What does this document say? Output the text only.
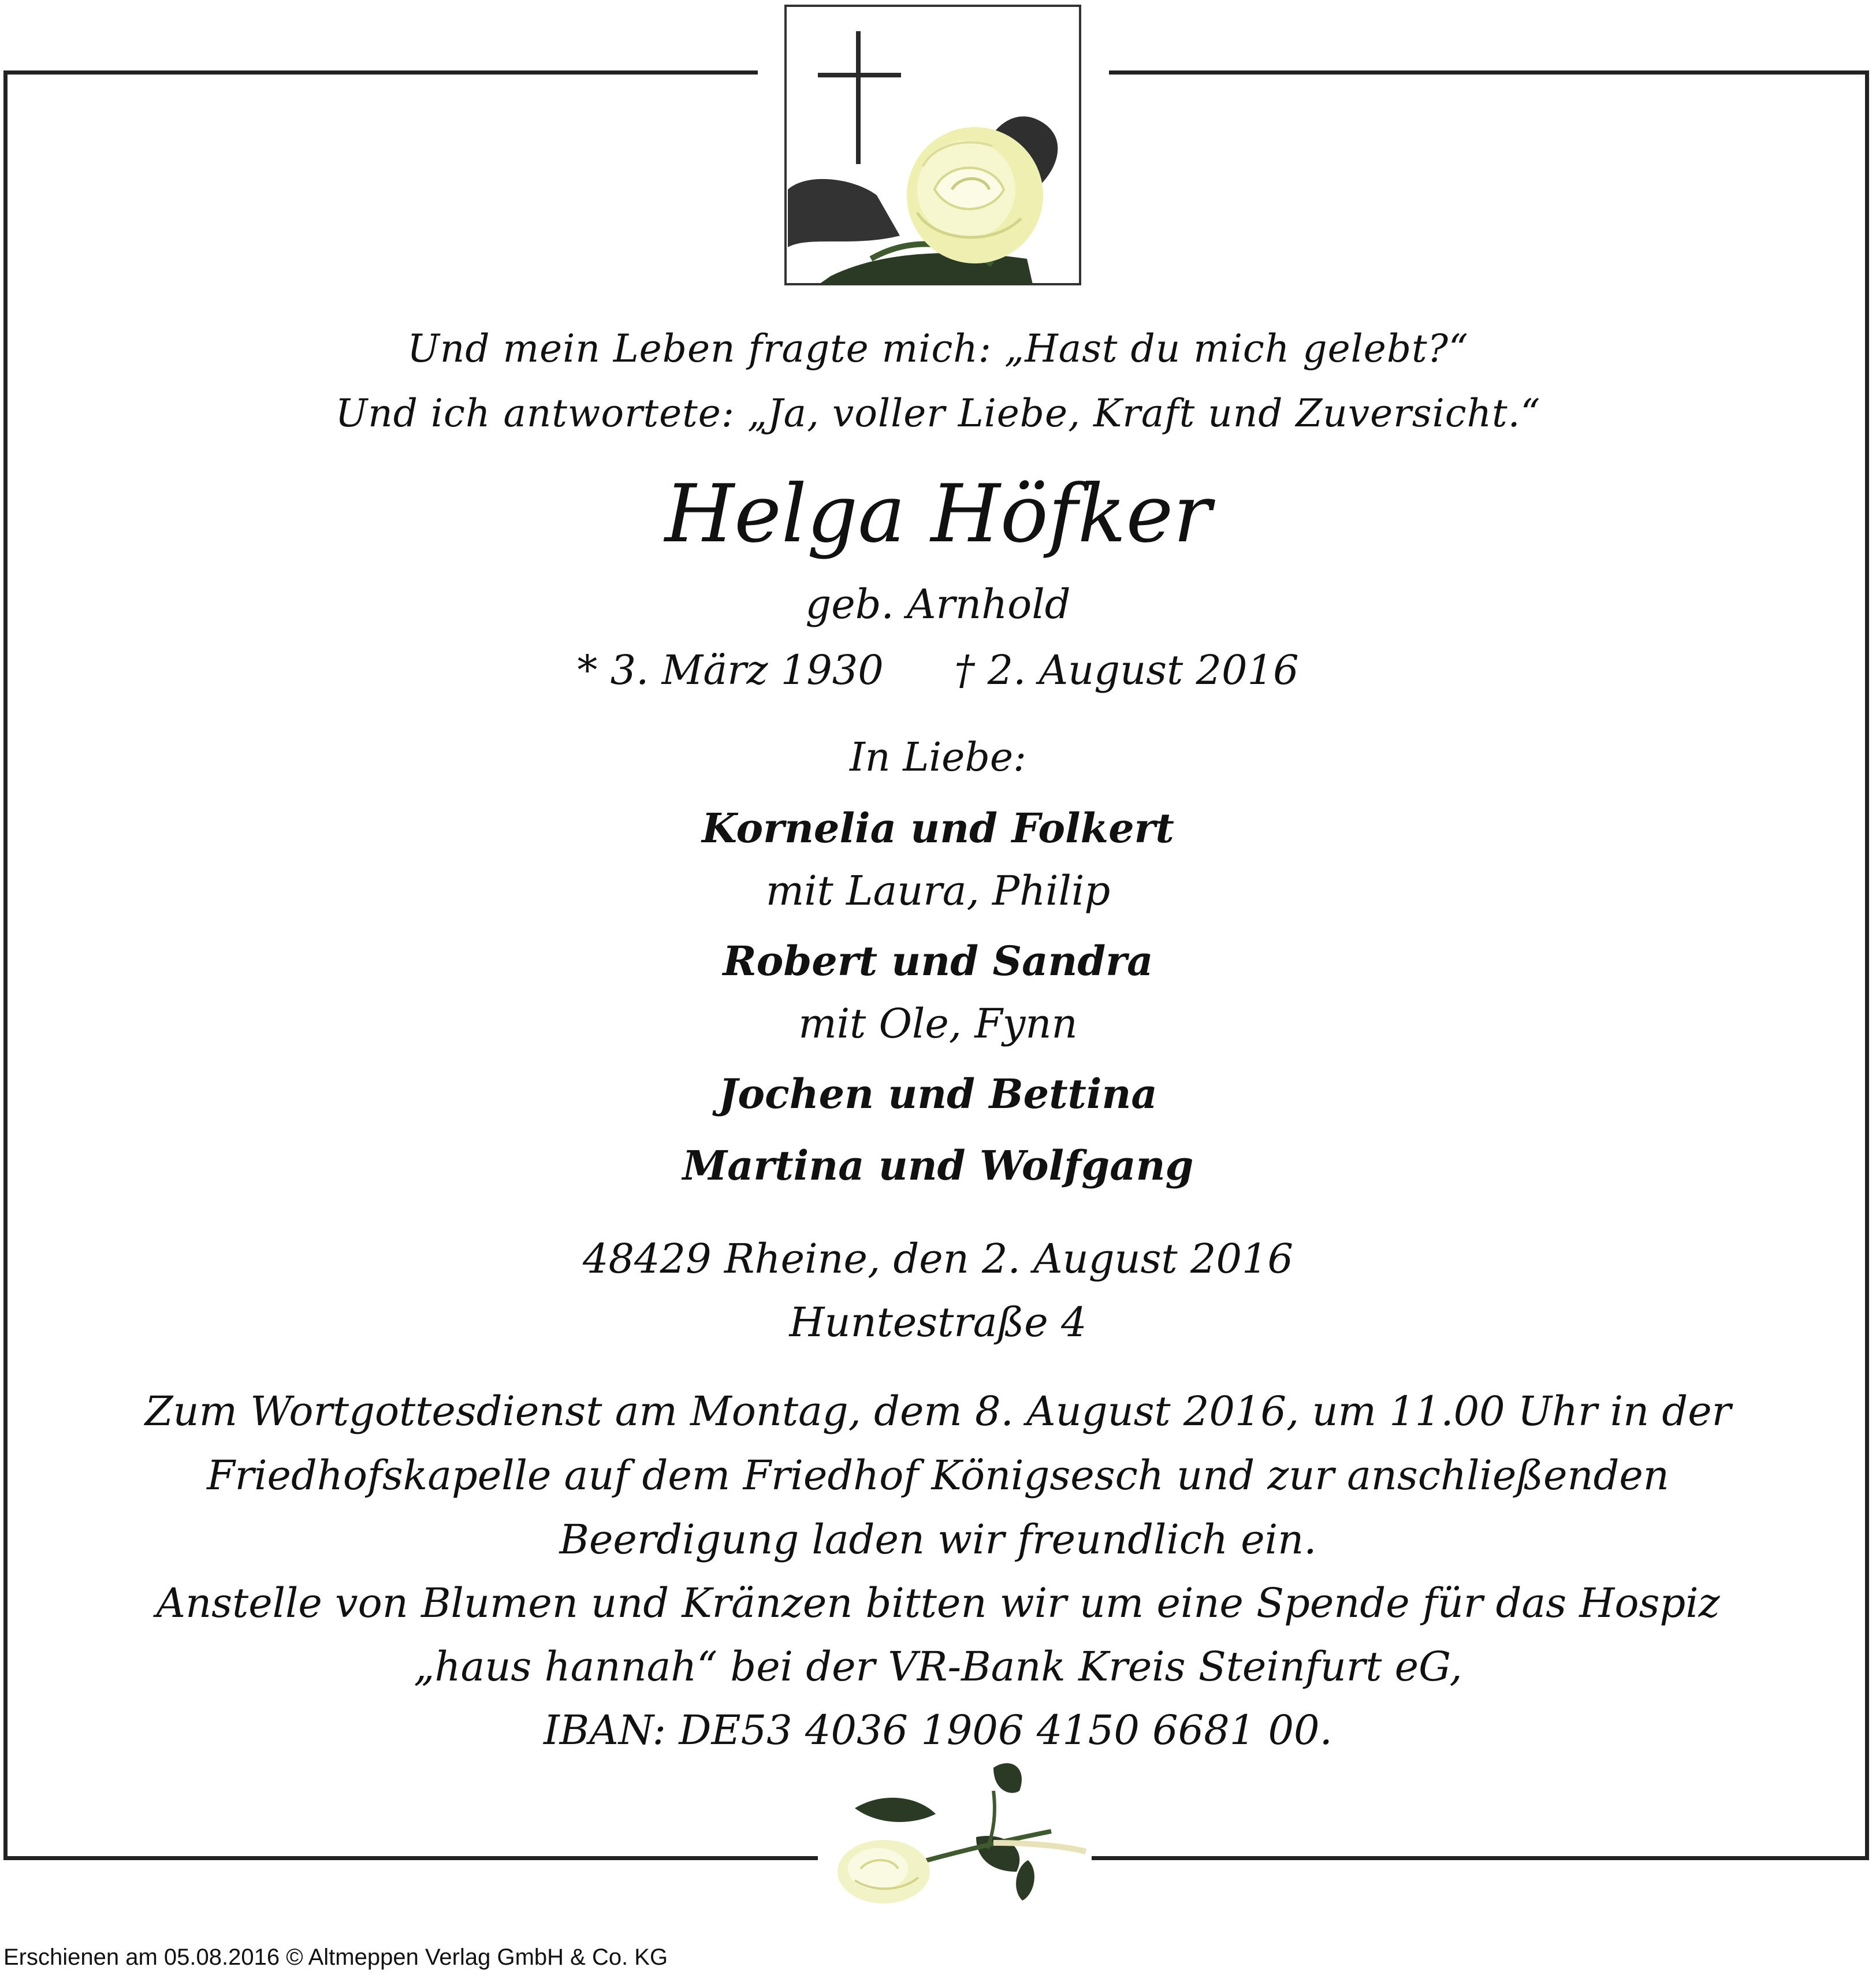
Und mein Leben fragte mich: „Hast du mich gelebt?“
Und ich antwortete: „Ja, voller Liebe, Kraft und Zuversicht.“
Helga Höfker
geb. Arnhold
* 3. März 1930 † 2. August 2016
In Liebe:
Kornelia und Folkert
mit Laura, Philip
Robert und Sandra
mit Ole, Fynn
Jochen und Bettina
Martina und Wolfgang
48429 Rheine, den 2. August 2016
Huntestraße 4
Zum Wortgottesdienst am Montag, dem 8. August 2016, um 11.00 Uhr in der
Friedhofskapelle auf dem Friedhof Königsesch und zur anschließenden
Beerdigung laden wir freundlich ein.
Anstelle von Blumen und Kränzen bitten wir um eine Spende für das Hospiz
„haus hannah“ bei der VR-Bank Kreis Steinfurt eG,
IBAN: DE53 4036 1906 4150 6681 00.
Erschienen am 05.08.2016 © Altmeppen Verlag GmbH & Co. KG
